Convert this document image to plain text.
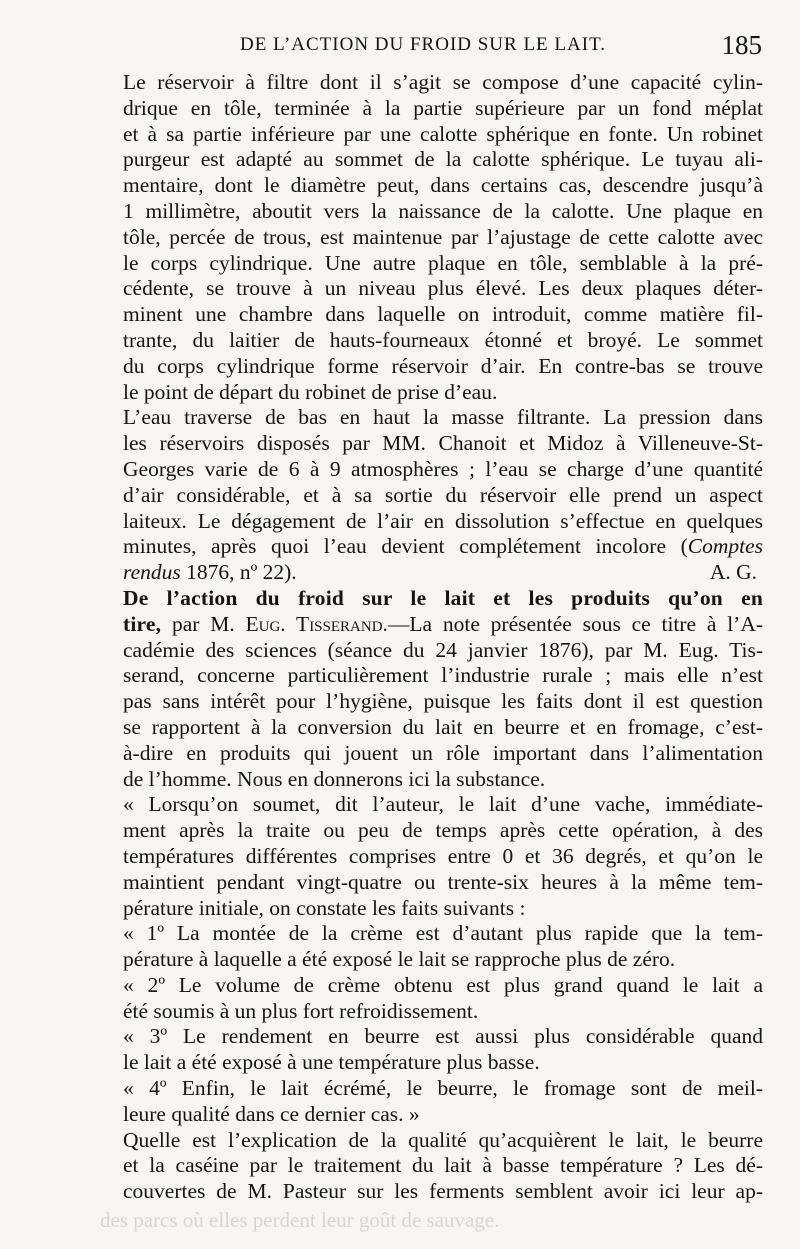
DE L’ACTION DU FROID SUR LE LAIT.	185

Le réservoir à filtre dont il s’agit se compose d’une capacité cylin-
drique en tôle, terminée à la partie supérieure par un fond méplat
et à sa partie inférieure par une calotte sphérique en fonte. Un robinet
purgeur est adapté au sommet de la calotte sphérique. Le tuyau ali-
mentaire, dont le diamètre peut, dans certains cas, descendre jusqu’à
1 millimètre, aboutit vers la naissance de la calotte. Une plaque en
tôle, percée de trous, est maintenue par l’ajustage de cette calotte avec
le corps cylindrique. Une autre plaque en tôle, semblable à la pré-
cédente, se trouve à un niveau plus élevé. Les deux plaques déter-
minent une chambre dans laquelle on introduit, comme matière fil-
trante, du laitier de hauts-fourneaux étonné et broyé. Le sommet
du corps cylindrique forme réservoir d’air. En contre-bas se trouve
le point de départ du robinet de prise d’eau.

L’eau traverse de bas en haut la masse filtrante. La pression dans
les réservoirs disposés par MM. Chanoit et Midoz à Villeneuve-St-
Georges varie de 6 à 9 atmosphères ; l’eau se charge d’une quantité
d’air considérable, et à sa sortie du réservoir elle prend un aspect
laiteux. Le dégagement de l’air en dissolution s’effectue en quelques
minutes, après quoi l’eau devient complétement incolore (Comptes
rendus 1876, nº 22).	A. G.

De l’action du froid sur le lait et les produits qu’on en
tire, par M. Eug. Tisserand.—La note présentée sous ce titre à l’A-
cadémie des sciences (séance du 24 janvier 1876), par M. Eug. Tis-
serand, concerne particulièrement l’industrie rurale ; mais elle n’est
pas sans intérêt pour l’hygiène, puisque les faits dont il est question
se rapportent à la conversion du lait en beurre et en fromage, c’est-
à-dire en produits qui jouent un rôle important dans l’alimentation
de l’homme. Nous en donnerons ici la substance.

« Lorsqu’on soumet, dit l’auteur, le lait d’une vache, immédiate-
ment après la traite ou peu de temps après cette opération, à des
températures différentes comprises entre 0 et 36 degrés, et qu’on le
maintient pendant vingt-quatre ou trente-six heures à la même tem-
pérature initiale, on constate les faits suivants :

« 1º La montée de la crème est d’autant plus rapide que la tem-
pérature à laquelle a été exposé le lait se rapproche plus de zéro.

« 2º Le volume de crème obtenu est plus grand quand le lait a
été soumis à un plus fort refroidissement.

« 3º Le rendement en beurre est aussi plus considérable quand
le lait a été exposé à une température plus basse.

« 4º Enfin, le lait écrémé, le beurre, le fromage sont de meil-
leure qualité dans ce dernier cas. »

Quelle est l’explication de la qualité qu’acquièrent le lait, le beurre
et la caséine par le traitement du lait à basse température ? Les dé-
couvertes de M. Pasteur sur les ferments semblent avoir ici leur ap-

des parcs où elles perdent leur goût de sauvage.
